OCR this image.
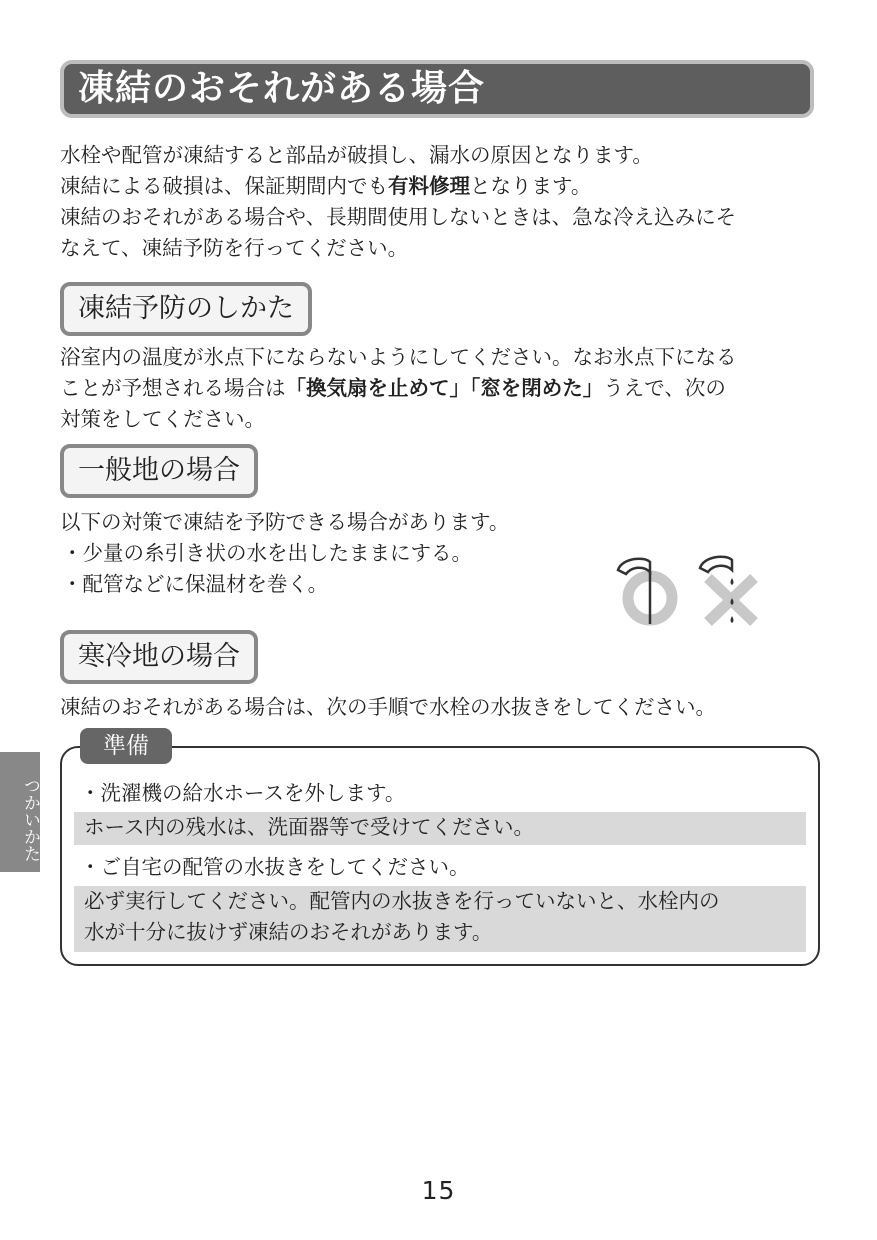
凍結のおそれがある場合

水栓や配管が凍結すると部品が破損し、漏水の原因となります。
凍結による破損は、保証期間内でも有料修理となります。
凍結のおそれがある場合や、長期間使用しないときは、急な冷え込みにそ
なえて、凍結予防を行ってください。

凍結予防のしかた

浴室内の温度が氷点下にならないようにしてください。なお氷点下になる
ことが予想される場合は「換気扇を止めて」「窓を閉めた」うえで、次の
対策をしてください。

一般地の場合

以下の対策で凍結を予防できる場合があります。

・少量の糸引き状の水を出したままにする。
・配管などに保温材を巻く。
寒冷地の場合

凍結のおそれがある場合は、次の手順で水栓の水抜きをしてください。

準備
・洗濯機の給水ホースを外します。
ホース内の残水は、洗面器等で受けてください。
・ご自宅の配管の水抜きをしてください。
必ず実行してください。配管内の水抜きを行っていないと、水栓内の
水が十分に抜けず凍結のおそれがあります。
つかいかた
15
